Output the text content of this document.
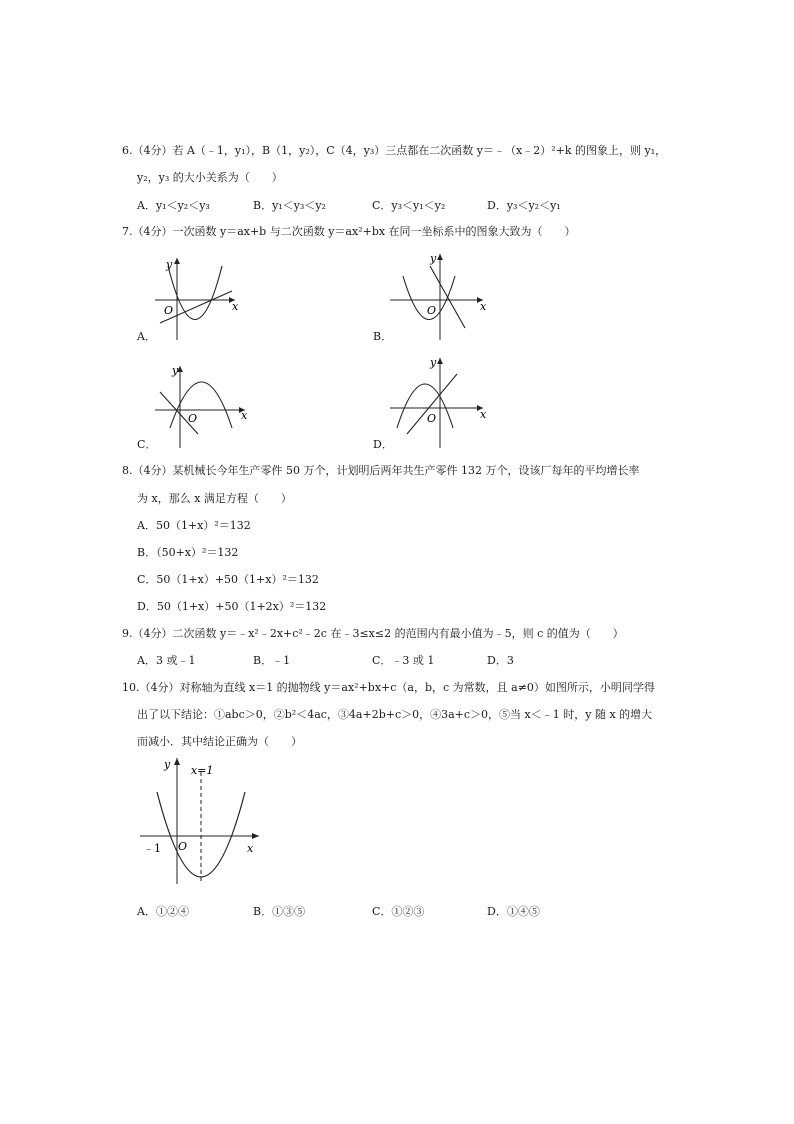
6.（4分）若 A（﹣1，y₁），B（1，y₂），C（4，y₃）三点都在二次函数 y＝﹣（x﹣2）²+k 的图象上，则 y₁，
y₂，y₃ 的大小关系为（　　）
A．y₁＜y₂＜y₃	B．y₁＜y₃＜y₂	C．y₃＜y₁＜y₂	D．y₃＜y₂＜y₁
7.（4分）一次函数 y＝ax+b 与二次函数 y＝ax²+bx 在同一坐标系中的图象大致为（　　）
A．
y
x
O
B．
y
x
O
C．
y
x
O
D．
y
x
O
8.（4分）某机械长今年生产零件 50 万个，计划明后两年共生产零件 132 万个，设该厂每年的平均增长率
为 x，那么 x 满足方程（　　）
A．50（1+x）²＝132
B．（50+x）²＝132
C．50（1+x）+50（1+x）²＝132
D．50（1+x）+50（1+2x）²＝132
9.（4分）二次函数 y＝﹣x²﹣2x+c²﹣2c 在﹣3≤x≤2 的范围内有最小值为﹣5，则 c 的值为（　　）
A．3 或﹣1	B．﹣1	C．﹣3 或 1	D．3
10.（4分）对称轴为直线 x＝1 的抛物线 y＝ax²+bx+c（a，b，c 为常数，且 a≠0）如图所示，小明同学得
出了以下结论：①abc＞0，②b²＜4ac，③4a+2b+c＞0，④3a+c＞0，⑤当 x＜﹣1 时，y 随 x 的增大
而减小．其中结论正确为（　　）
y x=1
﹣1 O	x
A．①②④	B．①③⑤	C．①②③	D．①④⑤
